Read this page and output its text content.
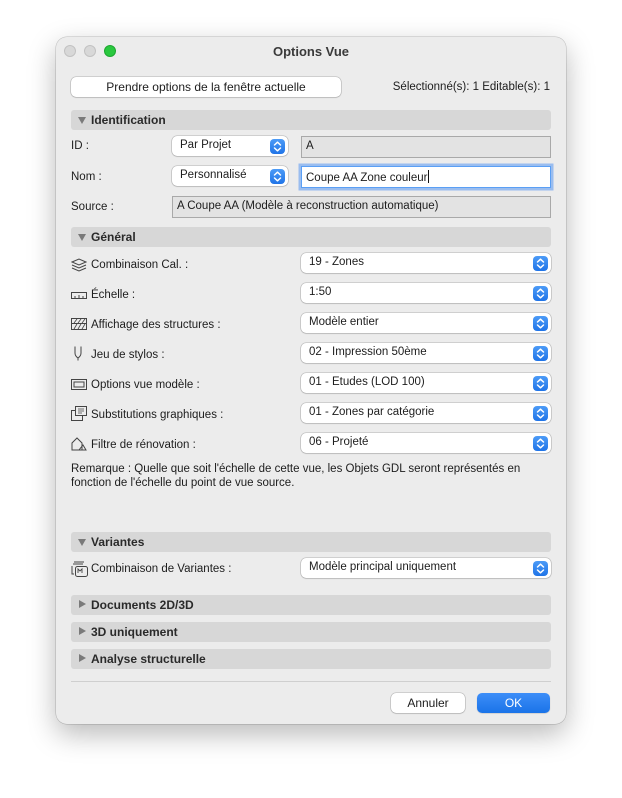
Options Vue
Prendre options de la fenêtre actuelle	Sélectionné(s): 1 Editable(s): 1
Identification
ID :	Par Projet	A
Nom :	Personnalisé	Coupe AA Zone couleur
Source :	A Coupe AA (Modèle à reconstruction automatique)
Général
Combinaison Cal. :	19 - Zones
Échelle :	1:50
Affichage des structures :	Modèle entier
Jeu de stylos :	02 - Impression 50ème
Options vue modèle :	01 - Etudes (LOD 100)
Substitutions graphiques :	01 - Zones par catégorie
Filtre de rénovation :	06 - Projeté
Remarque : Quelle que soit l'échelle de cette vue, les Objets GDL seront représentés en fonction de l'échelle du point de vue source.
Variantes
Combinaison de Variantes :	Modèle principal uniquement
Documents 2D/3D
3D uniquement
Analyse structurelle
Annuler	OK
